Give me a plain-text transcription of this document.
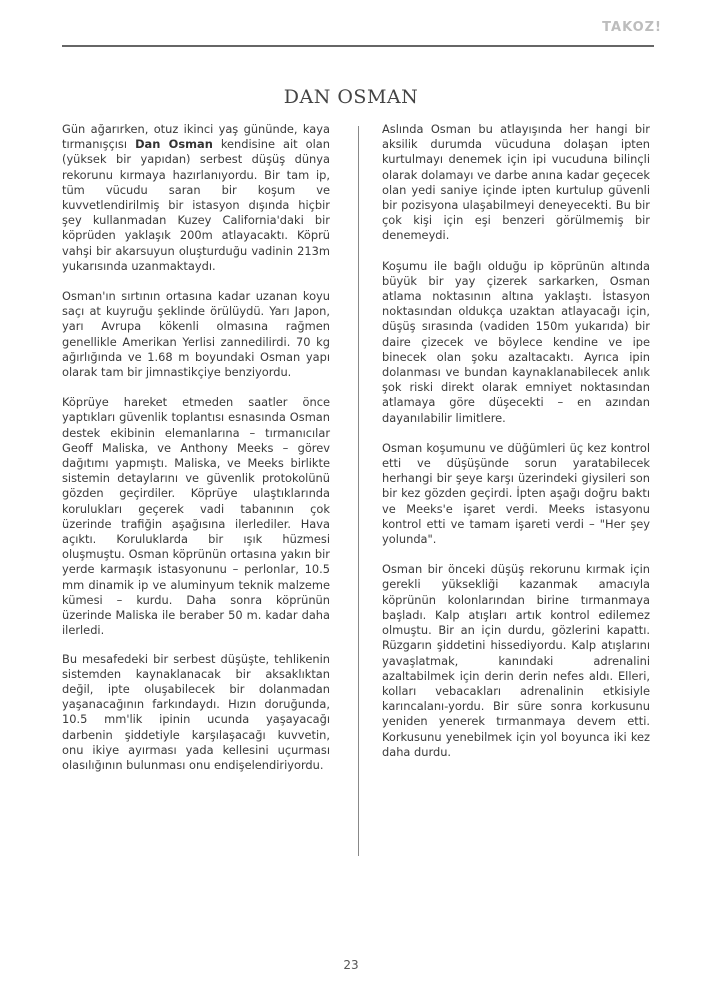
TAKOZ!
DAN OSMAN

Gün ağarırken, otuz ikinci yaş gününde, kaya tırmanışçısı Dan Osman kendisine ait olan (yüksek bir yapıdan) serbest düşüş dünya rekorunu kırmaya hazırlanıyordu. Bir tam ip, tüm vücudu saran bir koşum ve kuvvetlendirilmiş bir istasyon dışında hiçbir şey kullanmadan Kuzey California'daki bir köprüden yaklaşık 200m atlayacaktı. Köprü vahşi bir akarsuyun oluşturduğu vadinin 213m yukarısında uzanmaktaydı.

Osman'ın sırtının ortasına kadar uzanan koyu saçı at kuyruğu şeklinde örülüydü. Yarı Japon, yarı Avrupa kökenli olmasına rağmen genellikle Amerikan Yerlisi zannedilirdi. 70 kg ağırlığında ve 1.68 m boyundaki Osman yapı olarak tam bir jimnastikçiye benziyordu.

Köprüye hareket etmeden saatler önce yaptıkları güvenlik toplantısı esnasında Osman destek ekibinin elemanlarına – tırmanıcılar Geoff Maliska, ve Anthony Meeks – görev dağıtımı yapmıştı. Maliska, ve Meeks birlikte sistemin detaylarını ve güvenlik protokolünü gözden geçirdiler. Köprüye ulaştıklarında korulukları geçerek vadi tabanının çok üzerinde trafiğin aşağısına ilerlediler. Hava açıktı. Koruluklarda bir ışık hüzmesi oluşmuştu. Osman köprünün ortasına yakın bir yerde karmaşık istasyonunu – perlonlar, 10.5 mm dinamik ip ve aluminyum teknik malzeme kümesi – kurdu. Daha sonra köprünün üzerinde Maliska ile beraber 50 m. kadar daha ilerledi.

Bu mesafedeki bir serbest düşüşte, tehlikenin sistemden kaynaklanacak bir aksaklıktan değil, ipte oluşabilecek bir dolanmadan yaşanacağının farkındaydı. Hızın doruğunda, 10.5 mm'lik ipinin ucunda yaşayacağı darbenin şiddetiyle karşılaşacağı kuvvetin, onu ikiye ayırması yada kellesini uçurması olasılığının bulunması onu endişelendiriyordu.

Aslında Osman bu atlayışında her hangi bir aksilik durumda vücuduna dolaşan ipten kurtulmayı denemek için ipi vucuduna bilinçli olarak dolamayı ve darbe anına kadar geçecek olan yedi saniye içinde ipten kurtulup güvenli bir pozisyona ulaşabilmeyi deneyecekti. Bu bir çok kişi için eşi benzeri görülmemiş bir denemeydi.

Koşumu ile bağlı olduğu ip köprünün altında büyük bir yay çizerek sarkarken, Osman atlama noktasının altına yaklaştı. İstasyon noktasından oldukça uzaktan atlayacağı için, düşüş sırasında (vadiden 150m yukarıda) bir daire çizecek ve böylece kendine ve ipe binecek olan şoku azaltacaktı. Ayrıca ipin dolanması ve bundan kaynaklanabilecek anlık şok riski direkt olarak emniyet noktasından atlamaya göre düşecekti – en azından dayanılabilir limitlere.

Osman koşumunu ve düğümleri üç kez kontrol etti ve düşüşünde sorun yaratabilecek herhangi bir şeye karşı üzerindeki giysileri son bir kez gözden geçirdi. İpten aşağı doğru baktı ve Meeks'e işaret verdi. Meeks istasyonu kontrol etti ve tamam işareti verdi – "Her şey yolunda".

Osman bir önceki düşüş rekorunu kırmak için gerekli yüksekliği kazanmak amacıyla köprünün kolonlarından birine tırmanmaya başladı. Kalp atışları artık kontrol edilemez olmuştu. Bir an için durdu, gözlerini kapattı. Rüzgarın şiddetini hissediyordu. Kalp atışlarını yavaşlatmak, kanındaki adrenalini azaltabilmek için derin derin nefes aldı. Elleri, kolları vebacakları adrenalinin etkisiyle karıncalanı-yordu. Bir süre sonra korkusunu yeniden yenerek tırmanmaya devem etti. Korkusunu yenebilmek için yol boyunca iki kez daha durdu.

23
